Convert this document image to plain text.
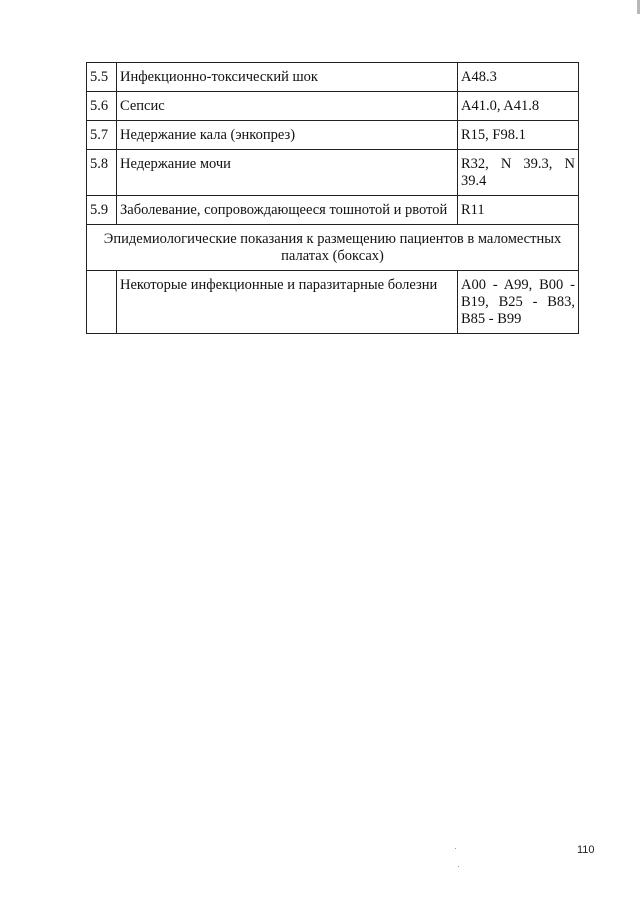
5.5	Инфекционно-токсический шок	A48.3
5.6	Сепсис	A41.0, A41.8
5.7	Недержание кала (энкопрез)	R15, F98.1
5.8	Недержание мочи	R32, N 39.3, N 39.4
5.9	Заболевание, сопровождающееся тошнотой и рвотой	R11
Эпидемиологические показания к размещению пациентов в маломестных палатах (боксах)		
	Некоторые инфекционные и паразитарные болезни	A00 - A99, B00 - B19, B25 - B83, B85 - B99
110
